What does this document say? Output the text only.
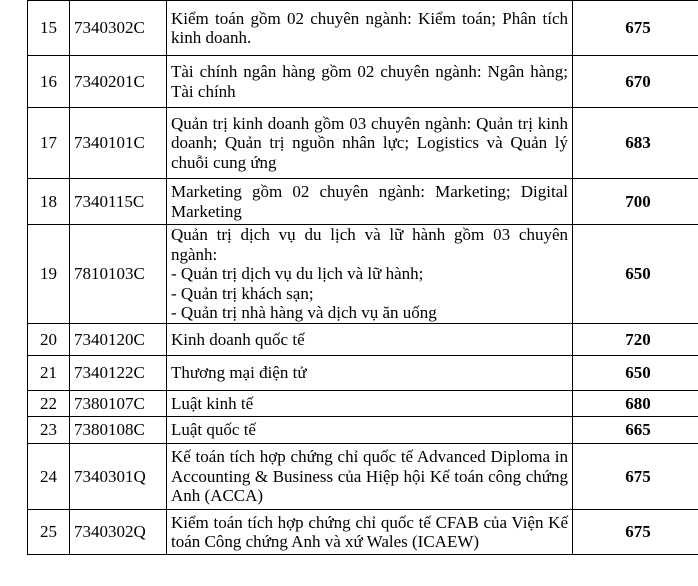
15	7340302C	Kiểm toán gồm 02 chuyên ngành: Kiểm toán; Phân tích kinh doanh.	675
16	7340201C	Tài chính ngân hàng gồm 02 chuyên ngành: Ngân hàng; Tài chính	670
17	7340101C	Quản trị kinh doanh gồm 03 chuyên ngành: Quản trị kinh doanh; Quản trị nguồn nhân lực; Logistics và Quản lý chuỗi cung ứng	683
18	7340115C	Marketing gồm 02 chuyên ngành: Marketing; Digital Marketing	700
19	7810103C	Quản trị dịch vụ du lịch và lữ hành gồm 03 chuyên ngành:
- Quản trị dịch vụ du lịch và lữ hành;
- Quản trị khách sạn;
- Quản trị nhà hàng và dịch vụ ăn uống	650
20	7340120C	Kinh doanh quốc tế	720
21	7340122C	Thương mại điện tử	650
22	7380107C	Luật kinh tế	680
23	7380108C	Luật quốc tế	665
24	7340301Q	Kế toán tích hợp chứng chỉ quốc tế Advanced Diploma in Accounting & Business của Hiệp hội Kế toán công chứng Anh (ACCA)	675
25	7340302Q	Kiểm toán tích hợp chứng chỉ quốc tế CFAB của Viện Kế toán Công chứng Anh và xứ Wales (ICAEW)	675
